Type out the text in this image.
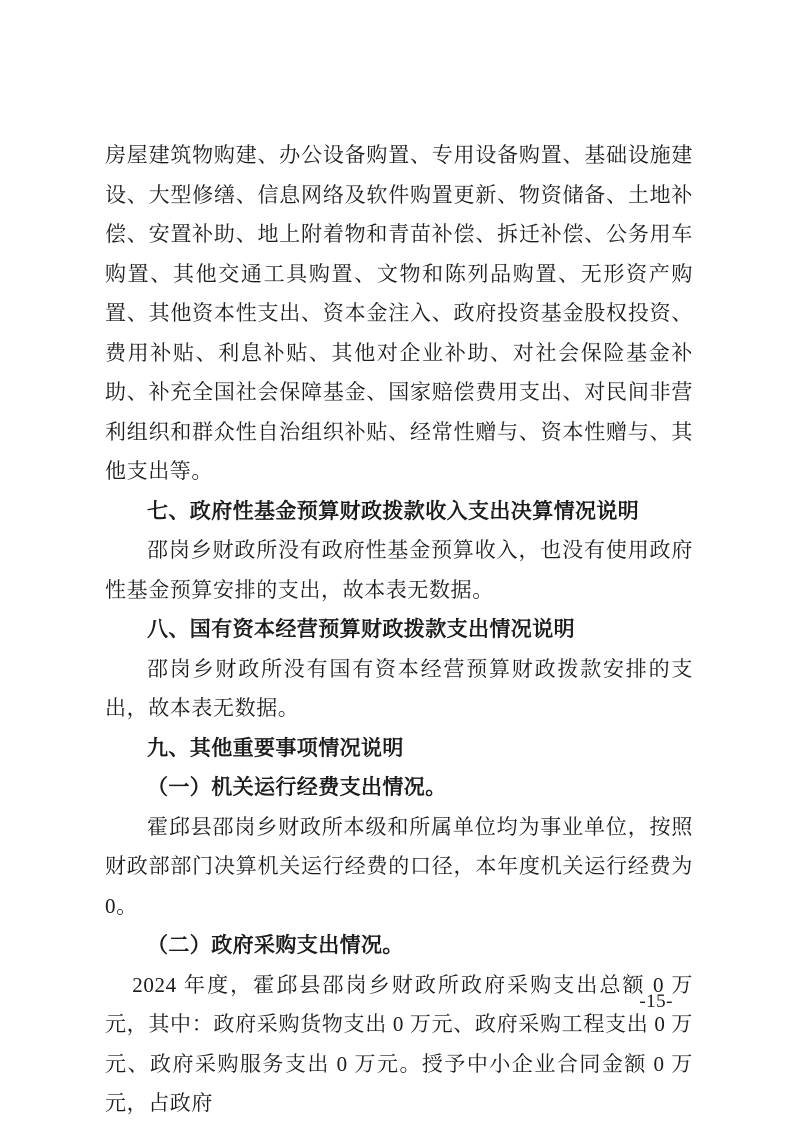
房屋建筑物购建、办公设备购置、专用设备购置、基础设施建设、大型修缮、信息网络及软件购置更新、物资储备、土地补偿、安置补助、地上附着物和青苗补偿、拆迁补偿、公务用车购置、其他交通工具购置、文物和陈列品购置、无形资产购置、其他资本性支出、资本金注入、政府投资基金股权投资、费用补贴、利息补贴、其他对企业补助、对社会保险基金补助、补充全国社会保障基金、国家赔偿费用支出、对民间非营利组织和群众性自治组织补贴、经常性赠与、资本性赠与、其他支出等。

七、政府性基金预算财政拨款收入支出决算情况说明

邵岗乡财政所没有政府性基金预算收入，也没有使用政府性基金预算安排的支出，故本表无数据。

八、国有资本经营预算财政拨款支出情况说明

邵岗乡财政所没有国有资本经营预算财政拨款安排的支出，故本表无数据。

九、其他重要事项情况说明

（一）机关运行经费支出情况。

霍邱县邵岗乡财政所本级和所属单位均为事业单位，按照财政部部门决算机关运行经费的口径，本年度机关运行经费为 0。

（二）政府采购支出情况。

2024 年度，霍邱县邵岗乡财政所政府采购支出总额 0 万元，其中：政府采购货物支出 0 万元、政府采购工程支出 0 万元、政府采购服务支出 0 万元。授予中小企业合同金额 0 万元，占政府

-15-
